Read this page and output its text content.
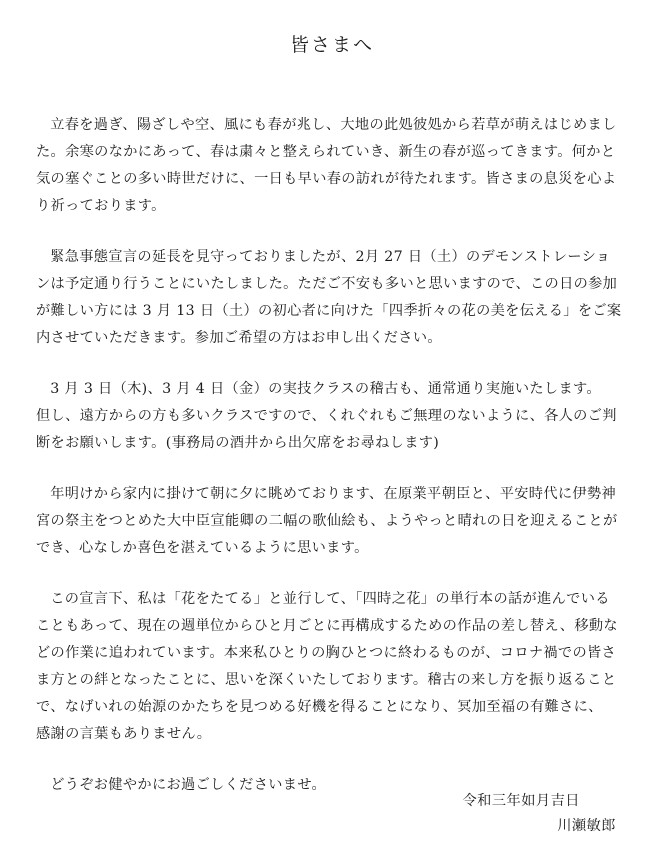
皆さまへ

立春を過ぎ、陽ざしや空、風にも春が兆し、大地の此処彼処から若草が萌えはじめまし
た。余寒のなかにあって、春は粛々と整えられていき、新生の春が巡ってきます。何かと
気の塞ぐことの多い時世だけに、一日も早い春の訪れが待たれます。皆さまの息災を心よ
り祈っております。

緊急事態宣言の延長を見守っておりましたが、2月 27 日（土）のデモンストレーショ
ンは予定通り行うことにいたしました。ただご不安も多いと思いますので、この日の参加
が難しい方には 3 月 13 日（土）の初心者に向けた「四季折々の花の美を伝える」をご案
内させていただきます。参加ご希望の方はお申し出ください。

3 月 3 日（木)、3 月 4 日（金）の実技クラスの稽古も、通常通り実施いたします。
但し、遠方からの方も多いクラスですので、くれぐれもご無理のないように、各人のご判
断をお願いします。(事務局の酒井から出欠席をお尋ねします)

年明けから家内に掛けて朝に夕に眺めております、在原業平朝臣と、平安時代に伊勢神
宮の祭主をつとめた大中臣宣能卿の二幅の歌仙絵も、ようやっと晴れの日を迎えることが
でき、心なしか喜色を湛えているように思います。

この宣言下、私は「花をたてる」と並行して、「四時之花」の単行本の話が進んでいる
こともあって、現在の週単位からひと月ごとに再構成するための作品の差し替え、移動な
どの作業に追われています。本来私ひとりの胸ひとつに終わるものが、コロナ禍での皆さ
ま方との絆となったことに、思いを深くいたしております。稽古の来し方を振り返ること
で、なげいれの始源のかたちを見つめる好機を得ることになり、冥加至福の有難さに、
感謝の言葉もありません。

どうぞお健やかにお過ごしくださいませ。

令和三年如月吉日

川瀬敏郎
